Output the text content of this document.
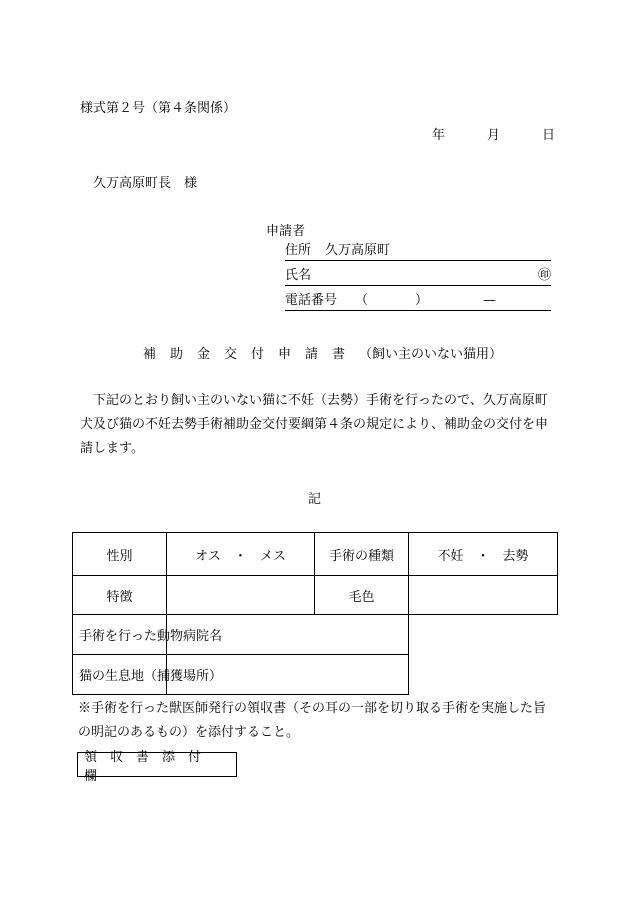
様式第２号（第４条関係）
年	月	日
久万高原町長　様
申請者
住所 久万高原町
氏名	㊞
電話番号 （	）	—
補助金交付申請書（飼い主のいない猫用）
下記のとおり飼い主のいない猫に不妊（去勢）手術を行ったので、久万高原町犬及び猫の不妊去勢手術補助金交付要綱第４条の規定により、補助金の交付を申請します。
記
性別	オス　・　メス	手術の種類	不妊　・　去勢
特徴		毛色	

手術を行った動物病院名			

猫の生息地（捕獲場所）			

※手術を行った獣医師発行の領収書（その耳の一部を切り取る手術を実施した旨の明記のあるもの）を添付すること。
領収書添付欄
